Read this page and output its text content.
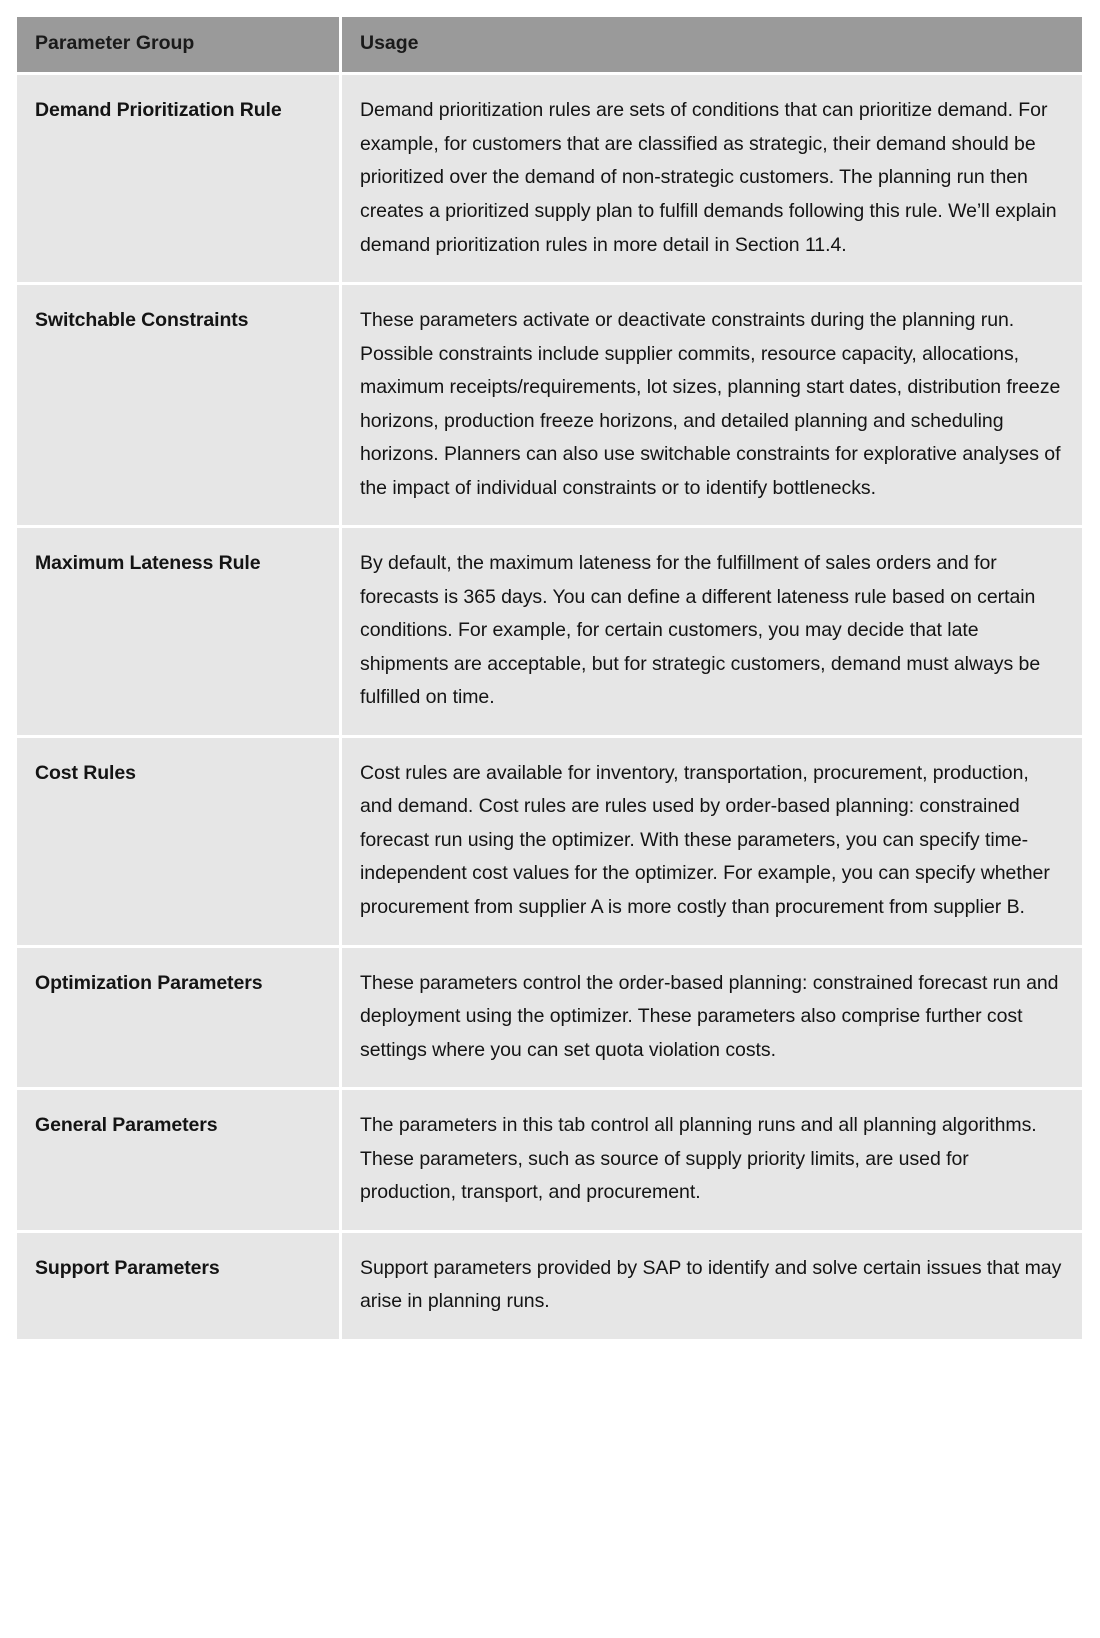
Parameter Group	Usage
Demand Prioritization Rule	Demand prioritization rules are sets of conditions that can prioritize demand. For example, for customers that are classified as strategic, their demand should be prioritized over the demand of non-strategic customers. The planning run then creates a prioritized supply plan to fulfill demands following this rule. We’ll explain demand prioritization rules in more detail in Section 11.4.
Switchable Constraints	These parameters activate or deactivate constraints during the planning run. Possible constraints include supplier commits, resource capacity, allocations, maximum receipts/requirements, lot sizes, planning start dates, distribution freeze horizons, production freeze horizons, and detailed planning and scheduling horizons. Planners can also use switchable constraints for explorative analyses of the impact of individual constraints or to identify bottlenecks.
Maximum Lateness Rule	By default, the maximum lateness for the fulfillment of sales orders and for forecasts is 365 days. You can define a different lateness rule based on certain conditions. For example, for certain customers, you may decide that late shipments are acceptable, but for strategic customers, demand must always be fulfilled on time.
Cost Rules	Cost rules are available for inventory, transportation, procurement, production, and demand. Cost rules are rules used by order-based planning: constrained forecast run using the optimizer. With these parameters, you can specify time-independent cost values for the optimizer. For example, you can specify whether procurement from supplier A is more costly than procurement from supplier B.
Optimization Parameters	These parameters control the order-based planning: constrained forecast run and deployment using the optimizer. These parameters also comprise further cost settings where you can set quota violation costs.
General Parameters	The parameters in this tab control all planning runs and all planning algorithms. These parameters, such as source of supply priority limits, are used for production, transport, and procurement.
Support Parameters	Support parameters provided by SAP to identify and solve certain issues that may arise in planning runs.
